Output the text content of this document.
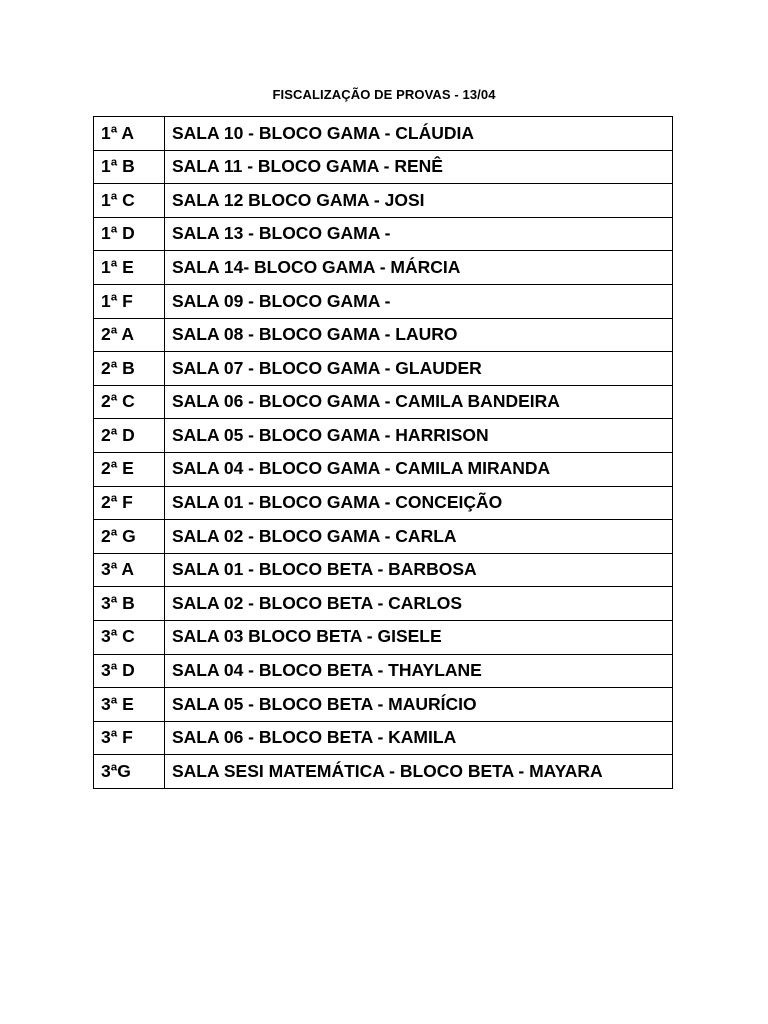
FISCALIZAÇÃO DE PROVAS - 13/04
1ª A	SALA 10 - BLOCO GAMA - CLÁUDIA
1ª B	SALA 11 - BLOCO GAMA - RENÊ
1ª C	SALA 12 BLOCO GAMA - JOSI
1ª D	SALA 13 - BLOCO GAMA -
1ª E	SALA 14- BLOCO GAMA - MÁRCIA
1ª F	SALA 09 - BLOCO GAMA -
2ª A	SALA 08 - BLOCO GAMA - LAURO
2ª B	SALA 07 - BLOCO GAMA - GLAUDER
2ª C	SALA 06 - BLOCO GAMA - CAMILA BANDEIRA
2ª D	SALA 05 - BLOCO GAMA - HARRISON
2ª E	SALA 04 - BLOCO GAMA - CAMILA MIRANDA
2ª F	SALA 01 - BLOCO GAMA - CONCEIÇÃO
2ª G	SALA 02 - BLOCO GAMA - CARLA
3ª A	SALA 01 - BLOCO BETA - BARBOSA
3ª B	SALA 02 - BLOCO BETA - CARLOS
3ª C	SALA 03 BLOCO BETA - GISELE
3ª D	SALA 04 - BLOCO BETA - THAYLANE
3ª E	SALA 05 - BLOCO BETA - MAURÍCIO
3ª F	SALA 06 - BLOCO BETA - KAMILA
3ªG	SALA SESI MATEMÁTICA - BLOCO BETA - MAYARA
